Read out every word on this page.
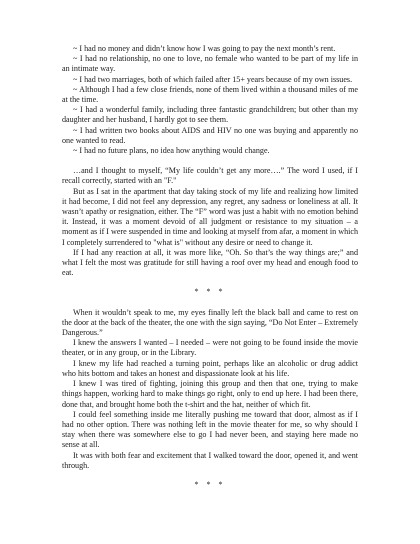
~ I had no money and didn’t know how I was going to pay the next month’s rent.

~ I had no relationship, no one to love, no female who wanted to be part of my life in an intimate way.

~ I had two marriages, both of which failed after 15+ years because of my own issues.

~ Although I had a few close friends, none of them lived within a thousand miles of me at the time.

~ I had a wonderful family, including three fantastic grandchildren; but other than my daughter and her husband, I hardly got to see them.

~ I had written two books about AIDS and HIV no one was buying and apparently no one wanted to read.

~ I had no future plans, no idea how anything would change.

…and I thought to myself, “My life couldn’t get any more….” The word I used, if I recall correctly, started with an "F."

But as I sat in the apartment that day taking stock of my life and realizing how limited it had become, I did not feel any depression, any regret, any sadness or loneliness at all. It wasn’t apathy or resignation, either. The “F” word was just a habit with no emotion behind it. Instead, it was a moment devoid of all judgment or resistance to my situation – a moment as if I were suspended in time and looking at myself from afar, a moment in which I completely surrendered to "what is" without any desire or need to change it.

If I had any reaction at all, it was more like, “Oh. So that’s the way things are;” and what I felt the most was gratitude for still having a roof over my head and enough food to eat.

* * *

When it wouldn’t speak to me, my eyes finally left the black ball and came to rest on the door at the back of the theater, the one with the sign saying, “Do Not Enter – Extremely Dangerous.”

I knew the answers I wanted – I needed – were not going to be found inside the movie theater, or in any group, or in the Library.

I knew my life had reached a turning point, perhaps like an alcoholic or drug addict who hits bottom and takes an honest and dispassionate look at his life.

I knew I was tired of fighting, joining this group and then that one, trying to make things happen, working hard to make things go right, only to end up here. I had been there, done that, and brought home both the t-shirt and the hat, neither of which fit.

I could feel something inside me literally pushing me toward that door, almost as if I had no other option. There was nothing left in the movie theater for me, so why should I stay when there was somewhere else to go I had never been, and staying here made no sense at all.

It was with both fear and excitement that I walked toward the door, opened it, and went through.

* * *
